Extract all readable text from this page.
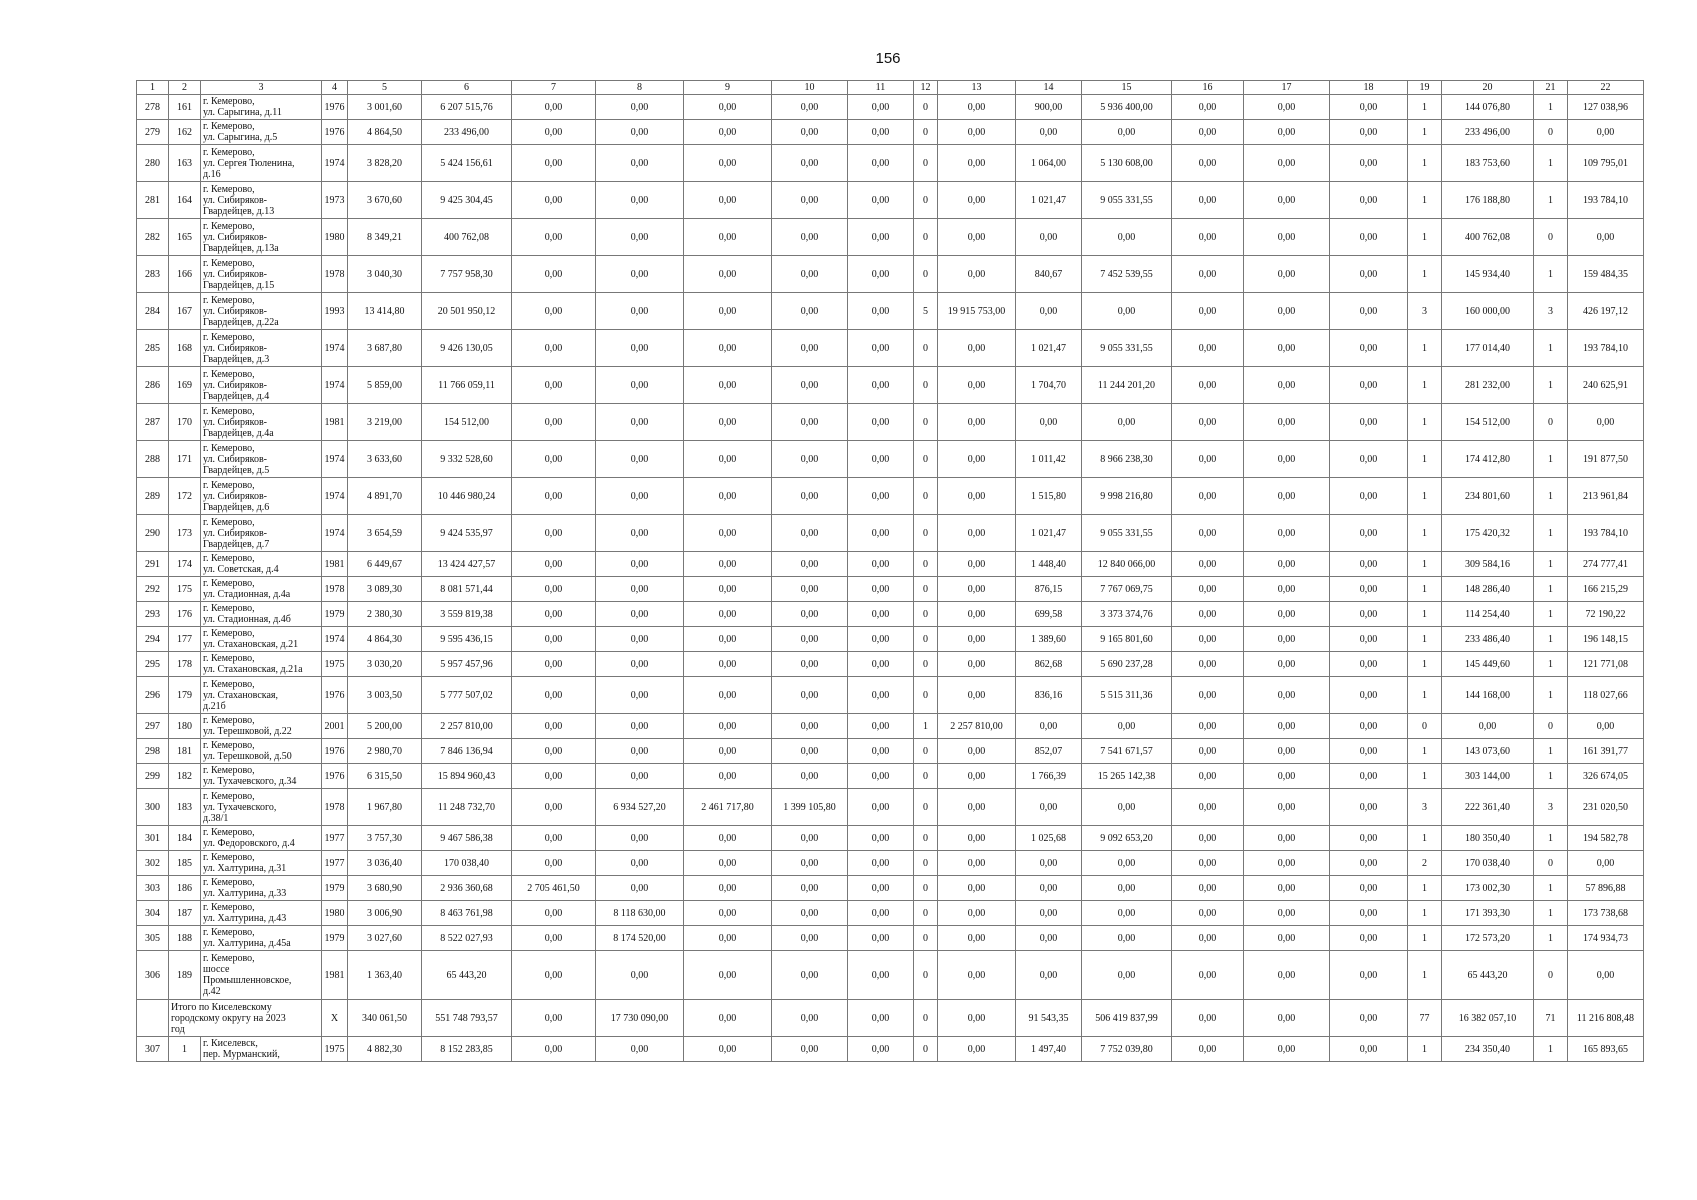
156
1	2	3	4	5	6	7	8	9	10	11	12	13	14	15	16	17	18	19	20	21	22
278	161	г. Кемерово,
ул. Сарыгина, д.11	1976	3 001,60	6 207 515,76	0,00	0,00	0,00	0,00	0,00	0	0,00	900,00	5 936 400,00	0,00	0,00	0,00	1	144 076,80	1	127 038,96
279	162	г. Кемерово,
ул. Сарыгина, д.5	1976	4 864,50	233 496,00	0,00	0,00	0,00	0,00	0,00	0	0,00	0,00	0,00	0,00	0,00	0,00	1	233 496,00	0	0,00
280	163	г. Кемерово,
ул. Сергея Тюленина,
д.16	1974	3 828,20	5 424 156,61	0,00	0,00	0,00	0,00	0,00	0	0,00	1 064,00	5 130 608,00	0,00	0,00	0,00	1	183 753,60	1	109 795,01
281	164	г. Кемерово,
ул. Сибиряков-
Гвардейцев, д.13	1973	3 670,60	9 425 304,45	0,00	0,00	0,00	0,00	0,00	0	0,00	1 021,47	9 055 331,55	0,00	0,00	0,00	1	176 188,80	1	193 784,10
282	165	г. Кемерово,
ул. Сибиряков-
Гвардейцев, д.13а	1980	8 349,21	400 762,08	0,00	0,00	0,00	0,00	0,00	0	0,00	0,00	0,00	0,00	0,00	0,00	1	400 762,08	0	0,00
283	166	г. Кемерово,
ул. Сибиряков-
Гвардейцев, д.15	1978	3 040,30	7 757 958,30	0,00	0,00	0,00	0,00	0,00	0	0,00	840,67	7 452 539,55	0,00	0,00	0,00	1	145 934,40	1	159 484,35
284	167	г. Кемерово,
ул. Сибиряков-
Гвардейцев, д.22а	1993	13 414,80	20 501 950,12	0,00	0,00	0,00	0,00	0,00	5	19 915 753,00	0,00	0,00	0,00	0,00	0,00	3	160 000,00	3	426 197,12
285	168	г. Кемерово,
ул. Сибиряков-
Гвардейцев, д.3	1974	3 687,80	9 426 130,05	0,00	0,00	0,00	0,00	0,00	0	0,00	1 021,47	9 055 331,55	0,00	0,00	0,00	1	177 014,40	1	193 784,10
286	169	г. Кемерово,
ул. Сибиряков-
Гвардейцев, д.4	1974	5 859,00	11 766 059,11	0,00	0,00	0,00	0,00	0,00	0	0,00	1 704,70	11 244 201,20	0,00	0,00	0,00	1	281 232,00	1	240 625,91
287	170	г. Кемерово,
ул. Сибиряков-
Гвардейцев, д.4а	1981	3 219,00	154 512,00	0,00	0,00	0,00	0,00	0,00	0	0,00	0,00	0,00	0,00	0,00	0,00	1	154 512,00	0	0,00
288	171	г. Кемерово,
ул. Сибиряков-
Гвардейцев, д.5	1974	3 633,60	9 332 528,60	0,00	0,00	0,00	0,00	0,00	0	0,00	1 011,42	8 966 238,30	0,00	0,00	0,00	1	174 412,80	1	191 877,50
289	172	г. Кемерово,
ул. Сибиряков-
Гвардейцев, д.6	1974	4 891,70	10 446 980,24	0,00	0,00	0,00	0,00	0,00	0	0,00	1 515,80	9 998 216,80	0,00	0,00	0,00	1	234 801,60	1	213 961,84
290	173	г. Кемерово,
ул. Сибиряков-
Гвардейцев, д.7	1974	3 654,59	9 424 535,97	0,00	0,00	0,00	0,00	0,00	0	0,00	1 021,47	9 055 331,55	0,00	0,00	0,00	1	175 420,32	1	193 784,10
291	174	г. Кемерово,
ул. Советская, д.4	1981	6 449,67	13 424 427,57	0,00	0,00	0,00	0,00	0,00	0	0,00	1 448,40	12 840 066,00	0,00	0,00	0,00	1	309 584,16	1	274 777,41
292	175	г. Кемерово,
ул. Стадионная, д.4а	1978	3 089,30	8 081 571,44	0,00	0,00	0,00	0,00	0,00	0	0,00	876,15	7 767 069,75	0,00	0,00	0,00	1	148 286,40	1	166 215,29
293	176	г. Кемерово,
ул. Стадионная, д.4б	1979	2 380,30	3 559 819,38	0,00	0,00	0,00	0,00	0,00	0	0,00	699,58	3 373 374,76	0,00	0,00	0,00	1	114 254,40	1	72 190,22
294	177	г. Кемерово,
ул. Стахановская, д.21	1974	4 864,30	9 595 436,15	0,00	0,00	0,00	0,00	0,00	0	0,00	1 389,60	9 165 801,60	0,00	0,00	0,00	1	233 486,40	1	196 148,15
295	178	г. Кемерово,
ул. Стахановская, д.21а	1975	3 030,20	5 957 457,96	0,00	0,00	0,00	0,00	0,00	0	0,00	862,68	5 690 237,28	0,00	0,00	0,00	1	145 449,60	1	121 771,08
296	179	г. Кемерово,
ул. Стахановская,
д.21б	1976	3 003,50	5 777 507,02	0,00	0,00	0,00	0,00	0,00	0	0,00	836,16	5 515 311,36	0,00	0,00	0,00	1	144 168,00	1	118 027,66
297	180	г. Кемерово,
ул. Терешковой, д.22	2001	5 200,00	2 257 810,00	0,00	0,00	0,00	0,00	0,00	1	2 257 810,00	0,00	0,00	0,00	0,00	0,00	0	0,00	0	0,00
298	181	г. Кемерово,
ул. Терешковой, д.50	1976	2 980,70	7 846 136,94	0,00	0,00	0,00	0,00	0,00	0	0,00	852,07	7 541 671,57	0,00	0,00	0,00	1	143 073,60	1	161 391,77
299	182	г. Кемерово,
ул. Тухачевского, д.34	1976	6 315,50	15 894 960,43	0,00	0,00	0,00	0,00	0,00	0	0,00	1 766,39	15 265 142,38	0,00	0,00	0,00	1	303 144,00	1	326 674,05
300	183	г. Кемерово,
ул. Тухачевского,
д.38/1	1978	1 967,80	11 248 732,70	0,00	6 934 527,20	2 461 717,80	1 399 105,80	0,00	0	0,00	0,00	0,00	0,00	0,00	0,00	3	222 361,40	3	231 020,50
301	184	г. Кемерово,
ул. Федоровского, д.4	1977	3 757,30	9 467 586,38	0,00	0,00	0,00	0,00	0,00	0	0,00	1 025,68	9 092 653,20	0,00	0,00	0,00	1	180 350,40	1	194 582,78
302	185	г. Кемерово,
ул. Халтурина, д.31	1977	3 036,40	170 038,40	0,00	0,00	0,00	0,00	0,00	0	0,00	0,00	0,00	0,00	0,00	0,00	2	170 038,40	0	0,00
303	186	г. Кемерово,
ул. Халтурина, д.33	1979	3 680,90	2 936 360,68	2 705 461,50	0,00	0,00	0,00	0,00	0	0,00	0,00	0,00	0,00	0,00	0,00	1	173 002,30	1	57 896,88
304	187	г. Кемерово,
ул. Халтурина, д.43	1980	3 006,90	8 463 761,98	0,00	8 118 630,00	0,00	0,00	0,00	0	0,00	0,00	0,00	0,00	0,00	0,00	1	171 393,30	1	173 738,68
305	188	г. Кемерово,
ул. Халтурина, д.45а	1979	3 027,60	8 522 027,93	0,00	8 174 520,00	0,00	0,00	0,00	0	0,00	0,00	0,00	0,00	0,00	0,00	1	172 573,20	1	174 934,73
306	189	г. Кемерово,
шоссе
Промышленновское,
д.42	1981	1 363,40	65 443,20	0,00	0,00	0,00	0,00	0,00	0	0,00	0,00	0,00	0,00	0,00	0,00	1	65 443,20	0	0,00
	Итого по Киселевскому
городскому округу на 2023
год		X	340 061,50	551 748 793,57	0,00	17 730 090,00	0,00	0,00	0,00	0	0,00	91 543,35	506 419 837,99	0,00	0,00	0,00	77	16 382 057,10	71	11 216 808,48
307	1	г. Киселевск,
пер. Мурманский,	1975	4 882,30	8 152 283,85	0,00	0,00	0,00	0,00	0,00	0	0,00	1 497,40	7 752 039,80	0,00	0,00	0,00	1	234 350,40	1	165 893,65
